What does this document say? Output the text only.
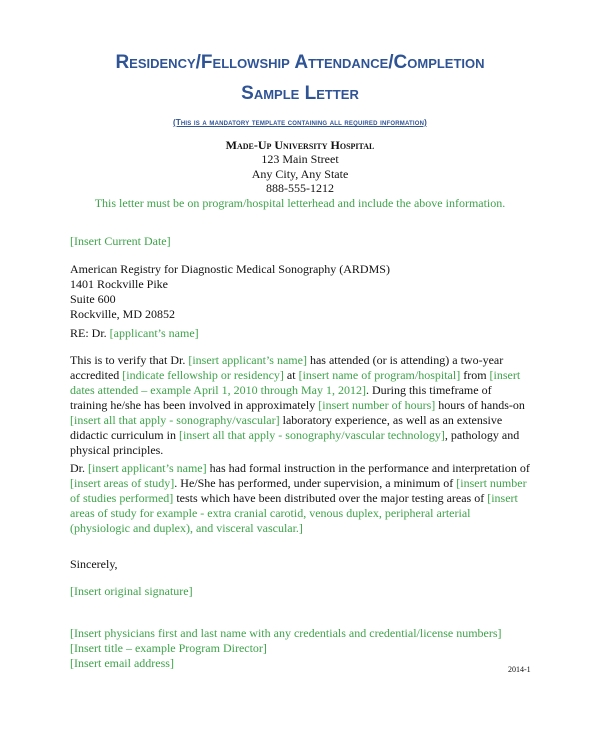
Residency/Fellowship Attendance/Completion
Sample Letter
(This is a mandatory template containing all required information)
Made-Up University Hospital
123 Main Street
Any City, Any State
888-555-1212
This letter must be on program/hospital letterhead and include the above information.
[Insert Current Date]
American Registry for Diagnostic Medical Sonography (ARDMS)
1401 Rockville Pike
Suite 600
Rockville, MD 20852
RE: Dr. [applicant’s name]

This is to verify that Dr. [insert applicant’s name] has attended (or is attending) a two-year accredited [indicate fellowship or residency] at [insert name of program/hospital] from [insert dates attended – example April 1, 2010 through May 1, 2012]. During this timeframe of training he/she has been involved in approximately [insert number of hours] hours of hands-on [insert all that apply - sonography/vascular] laboratory experience, as well as an extensive didactic curriculum in [insert all that apply - sonography/vascular technology], pathology and physical principles.

Dr. [insert applicant’s name] has had formal instruction in the performance and interpretation of [insert areas of study]. He/She has performed, under supervision, a minimum of [insert number of studies performed] tests which have been distributed over the major testing areas of [insert areas of study for example - extra cranial carotid, venous duplex, peripheral arterial (physiologic and duplex), and visceral vascular.]

Sincerely,
[Insert original signature]
[Insert physicians first and last name with any credentials and credential/license numbers]
[Insert title – example Program Director]
[Insert email address]	2014-1
